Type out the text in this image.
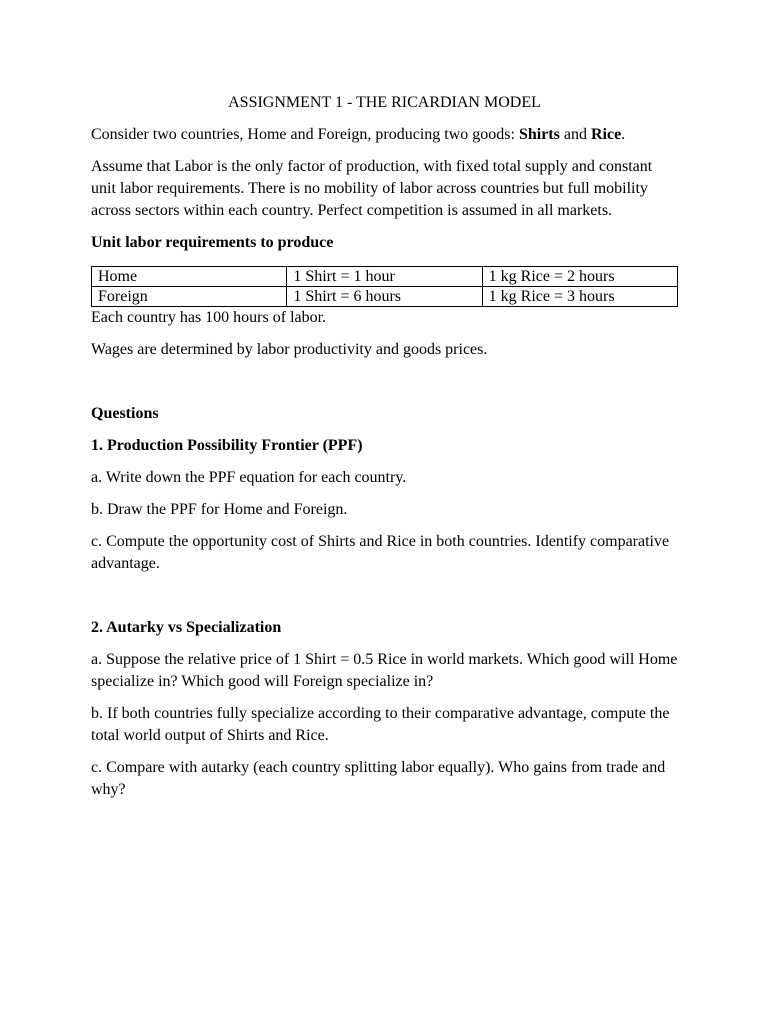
ASSIGNMENT 1 - THE RICARDIAN MODEL

Consider two countries, Home and Foreign, producing two goods: Shirts and Rice.

Assume that Labor is the only factor of production, with fixed total supply and constant unit labor requirements. There is no mobility of labor across countries but full mobility across sectors within each country. Perfect competition is assumed in all markets.

Unit labor requirements to produce

Home	1 Shirt = 1 hour	1 kg Rice = 2 hours
Foreign	1 Shirt = 6 hours	1 kg Rice = 3 hours

Each country has 100 hours of labor.

Wages are determined by labor productivity and goods prices.

Questions

1. Production Possibility Frontier (PPF)

a. Write down the PPF equation for each country.

b. Draw the PPF for Home and Foreign.

c. Compute the opportunity cost of Shirts and Rice in both countries. Identify comparative advantage.

2. Autarky vs Specialization

a. Suppose the relative price of 1 Shirt = 0.5 Rice in world markets. Which good will Home specialize in? Which good will Foreign specialize in?

b. If both countries fully specialize according to their comparative advantage, compute the total world output of Shirts and Rice.

c. Compare with autarky (each country splitting labor equally). Who gains from trade and why?
